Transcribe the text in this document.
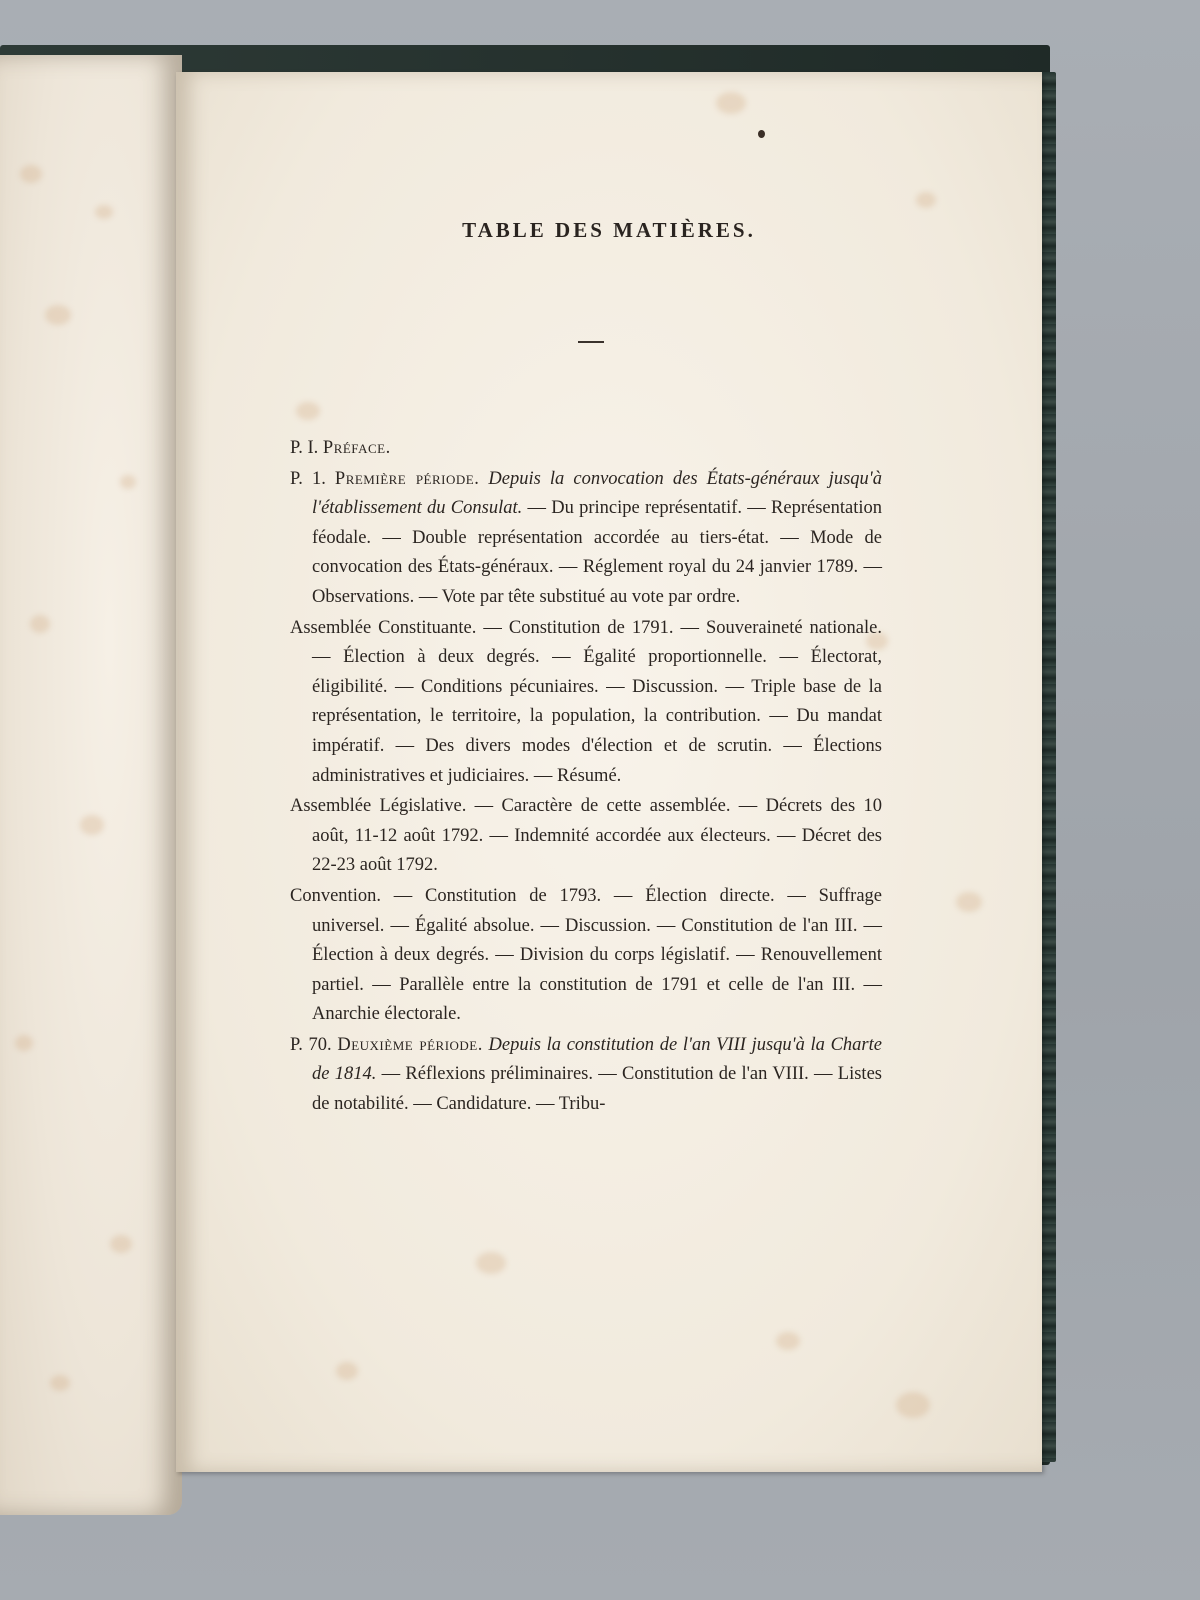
TABLE DES MATIÈRES.

P. I. Préface.

P. 1. Première période. Depuis la convocation des États-généraux jusqu'à l'établissement du Consulat. — Du principe représentatif. — Représentation féodale. — Double représentation accordée au tiers-état. — Mode de convocation des États-généraux. — Réglement royal du 24 janvier 1789. — Observations. — Vote par tête substitué au vote par ordre.

Assemblée Constituante. — Constitution de 1791. — Souveraineté nationale. — Élection à deux degrés. — Égalité proportionnelle. — Électorat, éligibilité. — Conditions pécuniaires. — Discussion. — Triple base de la représentation, le territoire, la population, la contribution. — Du mandat impératif. — Des divers modes d'élection et de scrutin. — Élections administratives et judiciaires. — Résumé.

Assemblée Législative. — Caractère de cette assemblée. — Décrets des 10 août, 11-12 août 1792. — Indemnité accordée aux électeurs. — Décret des 22-23 août 1792.

Convention. — Constitution de 1793. — Élection directe. — Suffrage universel. — Égalité absolue. — Discussion. — Constitution de l'an III. — Élection à deux degrés. — Division du corps législatif. — Renouvellement partiel. — Parallèle entre la constitution de 1791 et celle de l'an III. — Anarchie électorale.

P. 70. Deuxième période. Depuis la constitution de l'an VIII jusqu'à la Charte de 1814. — Réflexions préliminaires. — Constitution de l'an VIII. — Listes de notabilité. — Candidature. — Tribu-
